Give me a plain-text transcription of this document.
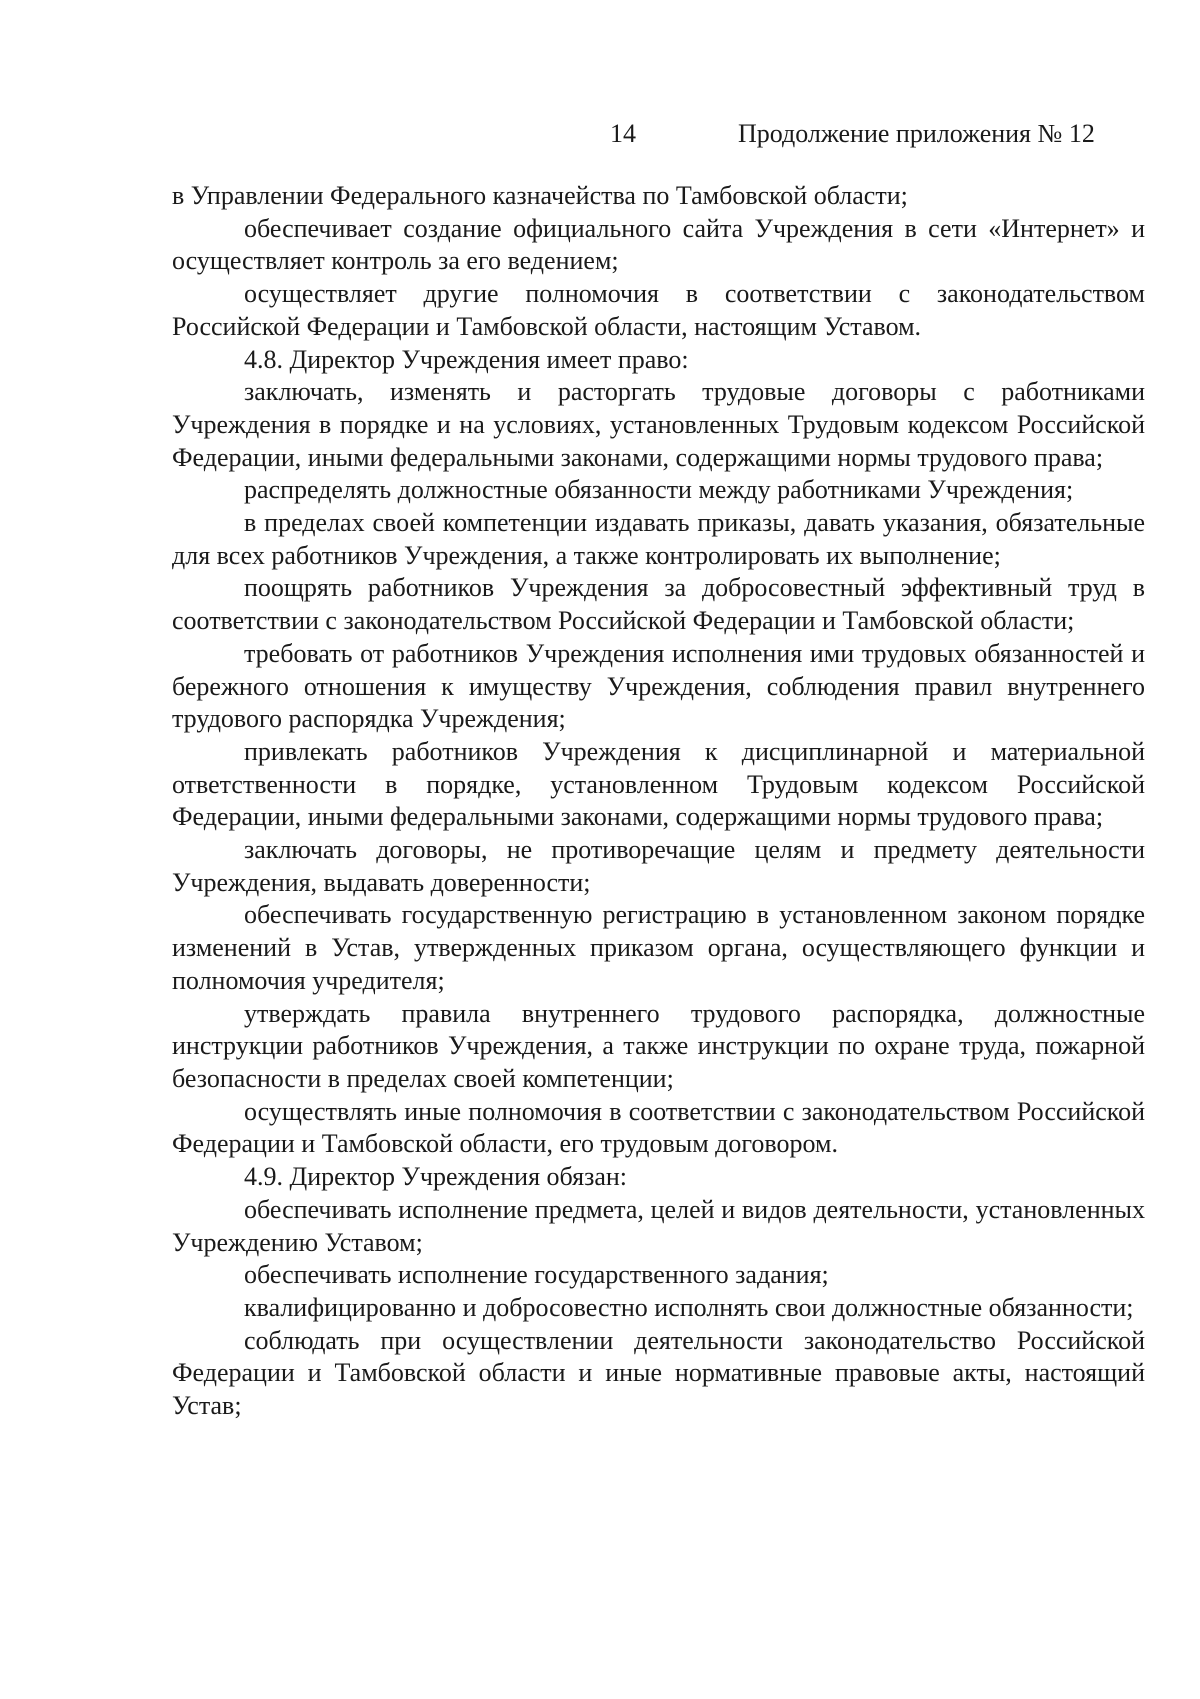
14	Продолжение приложения № 12

в Управлении Федерального казначейства по Тамбовской области;

обеспечивает создание официального сайта Учреждения в сети «Интернет» и осуществляет контроль за его ведением;

осуществляет другие полномочия в соответствии с законодательством Российской Федерации и Тамбовской области, настоящим Уставом.

4.8. Директор Учреждения имеет право:

заключать, изменять и расторгать трудовые договоры с работниками Учреждения в порядке и на условиях, установленных Трудовым кодексом Российской Федерации, иными федеральными законами, содержащими нормы трудового права;

распределять должностные обязанности между работниками Учреждения;

в пределах своей компетенции издавать приказы, давать указания, обязательные для всех работников Учреждения, а также контролировать их выполнение;

поощрять работников Учреждения за добросовестный эффективный труд в соответствии с законодательством Российской Федерации и Тамбовской области;

требовать от работников Учреждения исполнения ими трудовых обязанностей и бережного отношения к имуществу Учреждения, соблюдения правил внутреннего трудового распорядка Учреждения;

привлекать работников Учреждения к дисциплинарной и материальной ответственности в порядке, установленном Трудовым кодексом Российской Федерации, иными федеральными законами, содержащими нормы трудового права;

заключать договоры, не противоречащие целям и предмету деятельности Учреждения, выдавать доверенности;

обеспечивать государственную регистрацию в установленном законом порядке изменений в Устав, утвержденных приказом органа, осуществляющего функции и полномочия учредителя;

утверждать правила внутреннего трудового распорядка, должностные инструкции работников Учреждения, а также инструкции по охране труда, пожарной безопасности в пределах своей компетенции;

осуществлять иные полномочия в соответствии с законодательством Российской Федерации и Тамбовской области, его трудовым договором.

4.9. Директор Учреждения обязан:

обеспечивать исполнение предмета, целей и видов деятельности, установленных Учреждению Уставом;

обеспечивать исполнение государственного задания;

квалифицированно и добросовестно исполнять свои должностные обязанности;

соблюдать при осуществлении деятельности законодательство Российской Федерации и Тамбовской области и иные нормативные правовые акты, настоящий Устав;
